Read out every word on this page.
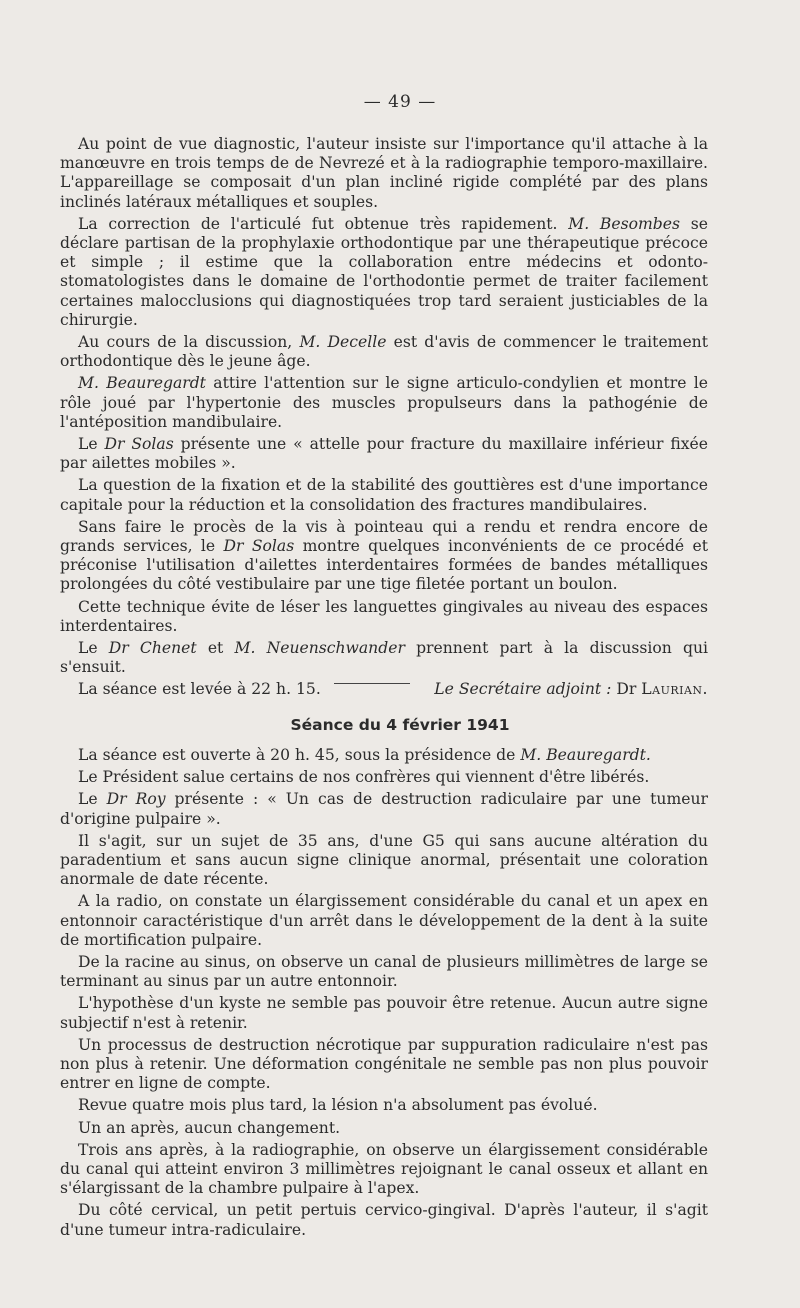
— 49 —

Au point de vue diagnostic, l'auteur insiste sur l'importance qu'il attache à la manœuvre en trois temps de de Nevrezé et à la radiographie temporo-maxillaire. L'appareillage se composait d'un plan incliné rigide complété par des plans inclinés latéraux métalliques et souples.

La correction de l'articulé fut obtenue très rapidement. M. Besombes se déclare partisan de la prophylaxie orthodontique par une thérapeutique précoce et simple ; il estime que la collaboration entre médecins et odonto-stomatologistes dans le domaine de l'orthodontie permet de traiter facilement certaines malocclusions qui diagnostiquées trop tard seraient justiciables de la chirurgie.

Au cours de la discussion, M. Decelle est d'avis de commencer le traitement orthodontique dès le jeune âge.

M. Beauregardt attire l'attention sur le signe articulo-condylien et montre le rôle joué par l'hypertonie des muscles propulseurs dans la pathogénie de l'antéposition mandibulaire.

Le Dr Solas présente une « attelle pour fracture du maxillaire inférieur fixée par ailettes mobiles ».

La question de la fixation et de la stabilité des gouttières est d'une importance capitale pour la réduction et la consolidation des fractures mandibulaires.

Sans faire le procès de la vis à pointeau qui a rendu et rendra encore de grands services, le Dr Solas montre quelques inconvénients de ce procédé et préconise l'utilisation d'ailettes interdentaires formées de bandes métalliques prolongées du côté vestibulaire par une tige filetée portant un boulon.

Cette technique évite de léser les languettes gingivales au niveau des espaces interdentaires.

Le Dr Chenet et M. Neuenschwander prennent part à la discussion qui s'ensuit.

La séance est levée à 22 h. 15.	Le Secrétaire adjoint : Dr Laurian.

Séance du 4 février 1941

La séance est ouverte à 20 h. 45, sous la présidence de M. Beauregardt.

Le Président salue certains de nos confrères qui viennent d'être libérés.

Le Dr Roy présente : « Un cas de destruction radiculaire par une tumeur d'origine pulpaire ».

Il s'agit, sur un sujet de 35 ans, d'une G5 qui sans aucune altération du paradentium et sans aucun signe clinique anormal, présentait une coloration anormale de date récente.

A la radio, on constate un élargissement considérable du canal et un apex en entonnoir caractéristique d'un arrêt dans le développement de la dent à la suite de mortification pulpaire.

De la racine au sinus, on observe un canal de plusieurs millimètres de large se terminant au sinus par un autre entonnoir.

L'hypothèse d'un kyste ne semble pas pouvoir être retenue. Aucun autre signe subjectif n'est à retenir.

Un processus de destruction nécrotique par suppuration radiculaire n'est pas non plus à retenir. Une déformation congénitale ne semble pas non plus pouvoir entrer en ligne de compte.

Revue quatre mois plus tard, la lésion n'a absolument pas évolué.

Un an après, aucun changement.

Trois ans après, à la radiographie, on observe un élargissement considérable du canal qui atteint environ 3 millimètres rejoignant le canal osseux et allant en s'élargissant de la chambre pulpaire à l'apex.

Du côté cervical, un petit pertuis cervico-gingival. D'après l'auteur, il s'agit d'une tumeur intra-radiculaire.
